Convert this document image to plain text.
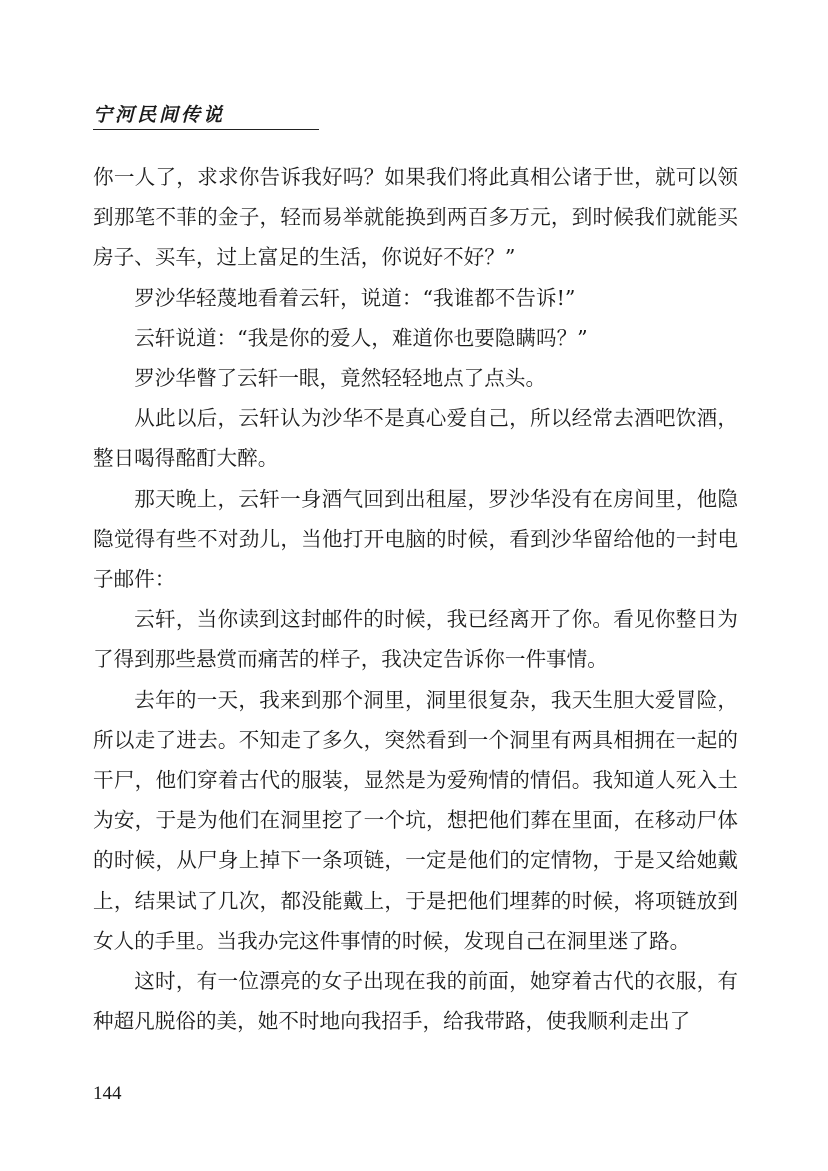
宁河民间传说

你一人了，求求你告诉我好吗？如果我们将此真相公诸于世，就可以领到那笔不菲的金子，轻而易举就能换到两百多万元，到时候我们就能买房子、买车，过上富足的生活，你说好不好？”

罗沙华轻蔑地看着云轩，说道：“我谁都不告诉!”

云轩说道：“我是你的爱人，难道你也要隐瞒吗？”

罗沙华瞥了云轩一眼，竟然轻轻地点了点头。

从此以后，云轩认为沙华不是真心爱自己，所以经常去酒吧饮酒，整日喝得酩酊大醉。

那天晚上，云轩一身酒气回到出租屋，罗沙华没有在房间里，他隐隐觉得有些不对劲儿，当他打开电脑的时候，看到沙华留给他的一封电子邮件：

云轩，当你读到这封邮件的时候，我已经离开了你。看见你整日为了得到那些悬赏而痛苦的样子，我决定告诉你一件事情。

去年的一天，我来到那个洞里，洞里很复杂，我天生胆大爱冒险，所以走了进去。不知走了多久，突然看到一个洞里有两具相拥在一起的干尸，他们穿着古代的服装，显然是为爱殉情的情侣。我知道人死入土为安，于是为他们在洞里挖了一个坑，想把他们葬在里面，在移动尸体的时候，从尸身上掉下一条项链，一定是他们的定情物，于是又给她戴上，结果试了几次，都没能戴上，于是把他们埋葬的时候，将项链放到女人的手里。当我办完这件事情的时候，发现自己在洞里迷了路。

这时，有一位漂亮的女子出现在我的前面，她穿着古代的衣服，有种超凡脱俗的美，她不时地向我招手，给我带路，使我顺利走出了

144
